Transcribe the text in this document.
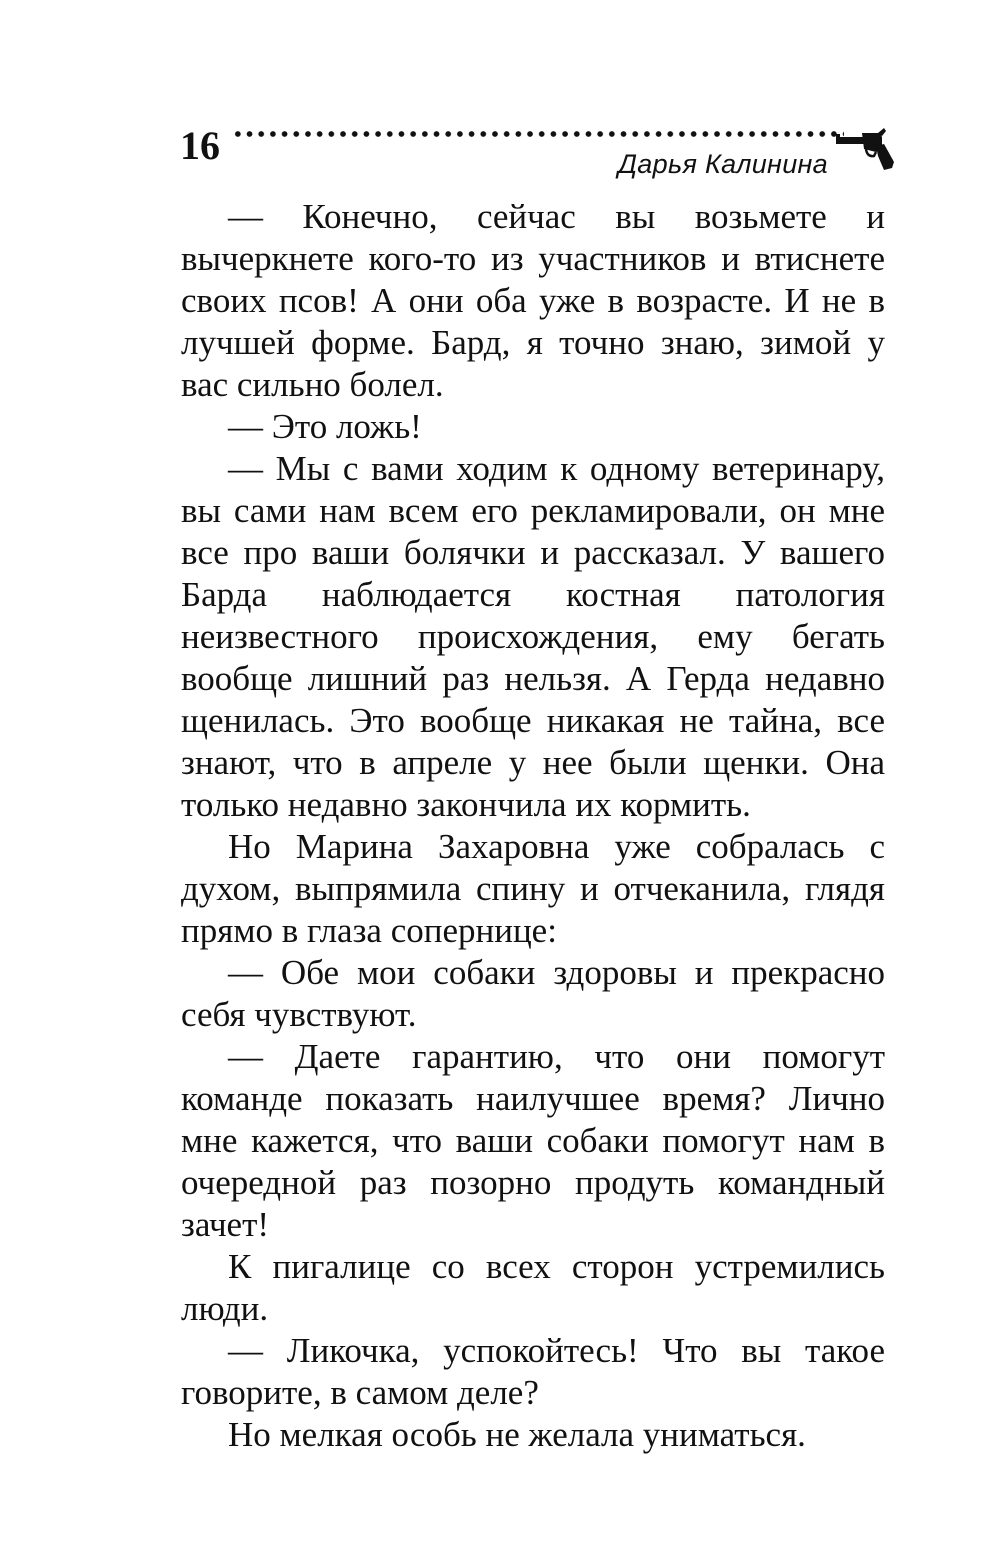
16	Дарья Калинина

— Конечно, сейчас вы возьмете и вычеркнете кого-то из участников и втиснете своих псов! А они оба уже в возрасте. И не в лучшей форме. Бард, я точно знаю, зимой у вас сильно болел.

— Это ложь!

— Мы с вами ходим к одному ветеринару, вы сами нам всем его рекламировали, он мне все про ваши болячки и рассказал. У вашего Барда наблюдается костная патология неизвестного происхождения, ему бегать вообще лишний раз нельзя. А Герда недавно щенилась. Это вообще никакая не тайна, все знают, что в апреле у нее были щенки. Она только недавно закончила их кормить.

Но Марина Захаровна уже собралась с духом, выпрямила спину и отчеканила, глядя прямо в глаза сопернице:

— Обе мои собаки здоровы и прекрасно себя чувствуют.

— Даете гарантию, что они помогут команде показать наилучшее время? Лично мне кажется, что ваши собаки помогут нам в очередной раз позорно продуть командный зачет!

К пигалице со всех сторон устремились люди.

— Ликочка, успокойтесь! Что вы такое говорите, в самом деле?

Но мелкая особь не желала униматься.
